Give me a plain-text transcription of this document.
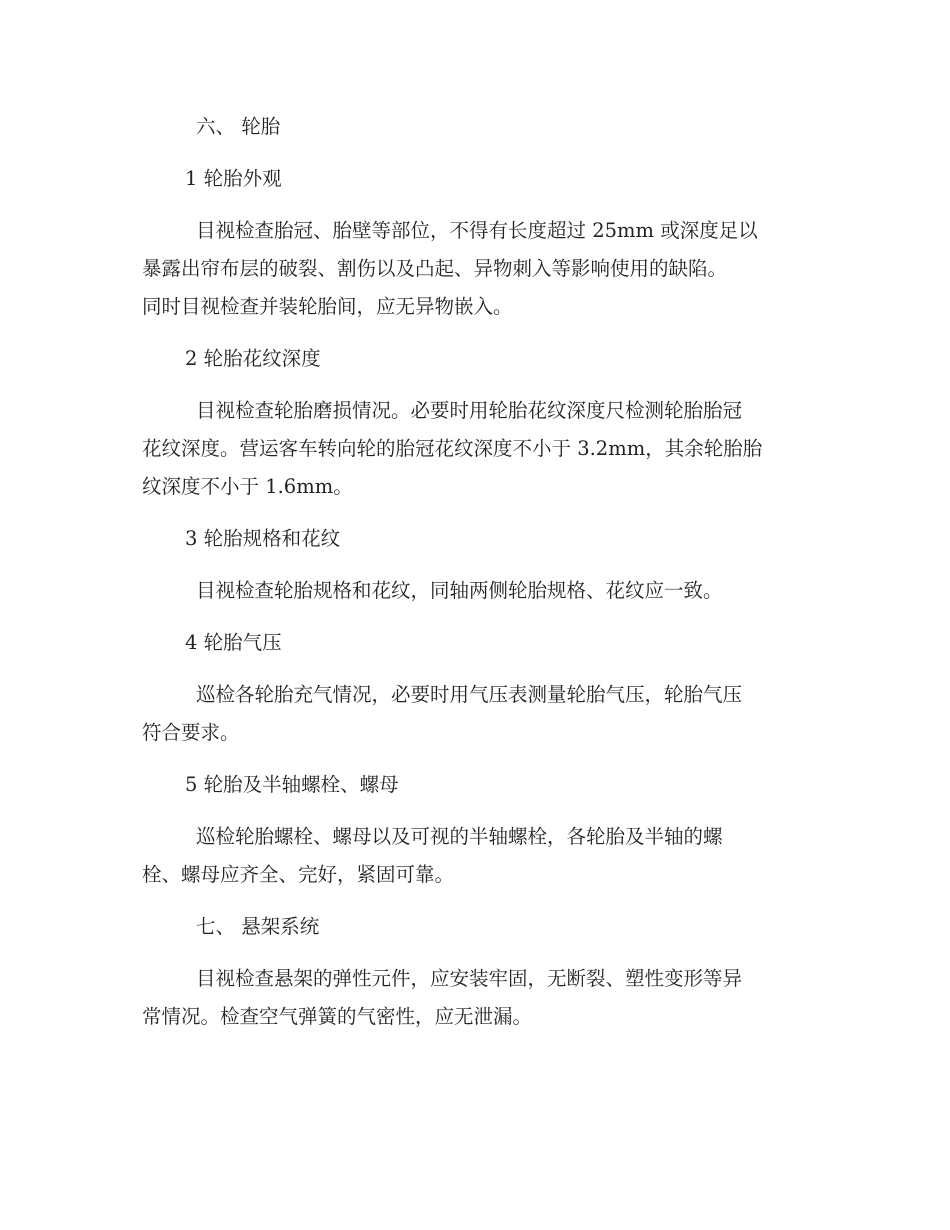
六、 轮胎
1 轮胎外观
目视检查胎冠、胎壁等部位，不得有长度超过 25mm 或深度足以
暴露出帘布层的破裂、割伤以及凸起、异物刺入等影响使用的缺陷。
同时目视检查并装轮胎间，应无异物嵌入。
2 轮胎花纹深度
目视检查轮胎磨损情况。必要时用轮胎花纹深度尺检测轮胎胎冠
花纹深度。营运客车转向轮的胎冠花纹深度不小于 3.2mm，其余轮胎胎
纹深度不小于 1.6mm。
3 轮胎规格和花纹
目视检查轮胎规格和花纹，同轴两侧轮胎规格、花纹应一致。
4 轮胎气压
巡检各轮胎充气情况，必要时用气压表测量轮胎气压，轮胎气压
符合要求。
5 轮胎及半轴螺栓、螺母
巡检轮胎螺栓、螺母以及可视的半轴螺栓，各轮胎及半轴的螺
栓、螺母应齐全、完好，紧固可靠。
七、 悬架系统
目视检查悬架的弹性元件，应安装牢固，无断裂、塑性变形等异
常情况。检查空气弹簧的气密性，应无泄漏。
